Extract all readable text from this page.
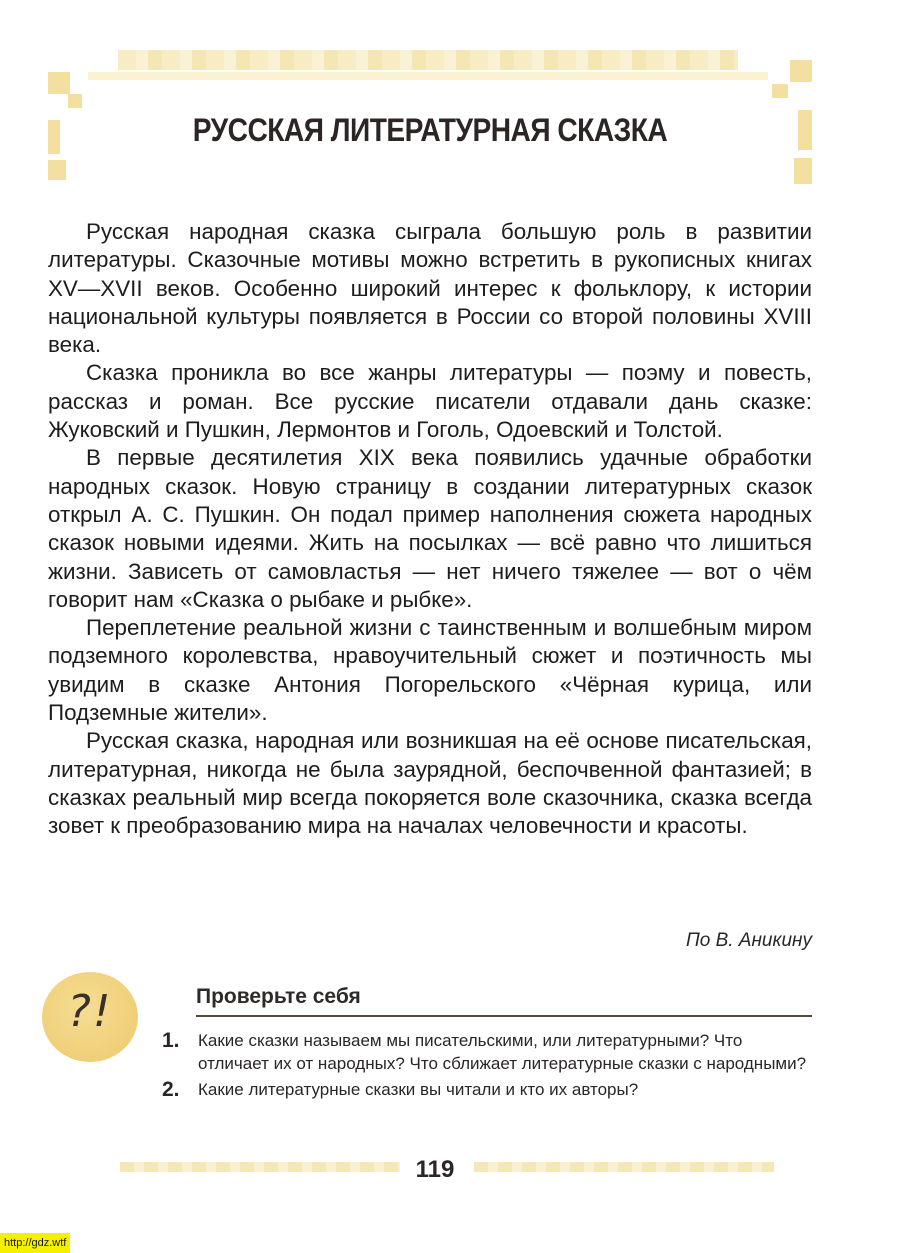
РУССКАЯ ЛИТЕРАТУРНАЯ СКАЗКА

Русская народная сказка сыграла большую роль в развитии литературы. Сказочные мотивы можно встретить в рукописных книгах XV—XVII веков. Особенно широкий интерес к фольклору, к истории национальной культуры появляется в России со второй половины XVIII века.

Сказка проникла во все жанры литературы — поэму и повесть, рассказ и роман. Все русские писатели отдавали дань сказке: Жуковский и Пушкин, Лермонтов и Гоголь, Одоевский и Толстой.

В первые десятилетия XIX века появились удачные обработки народных сказок. Новую страницу в создании литературных сказок открыл А. С. Пушкин. Он подал пример наполнения сюжета народных сказок новыми идеями. Жить на посылках — всё равно что лишиться жизни. Зависеть от самовластья — нет ничего тяжелее — вот о чём говорит нам «Сказка о рыбаке и рыбке».

Переплетение реальной жизни с таинственным и волшебным миром подземного королевства, нравоучительный сюжет и поэтичность мы увидим в сказке Антония Погорельского «Чёрная курица, или Подземные жители».

Русская сказка, народная или возникшая на её основе писательская, литературная, никогда не была заурядной, беспочвенной фантазией; в сказках реальный мир всегда покоряется воле сказочника, сказка всегда зовет к преобразованию мира на началах человечности и красоты.

По В. Аникину
?!	Проверьте себя
1. Какие сказки называем мы писательскими, или литературными? Что отличает их от народных? Что сближает литературные сказки с народными?
2. Какие литературные сказки вы читали и кто их авторы?
119
http://gdz.wtf
